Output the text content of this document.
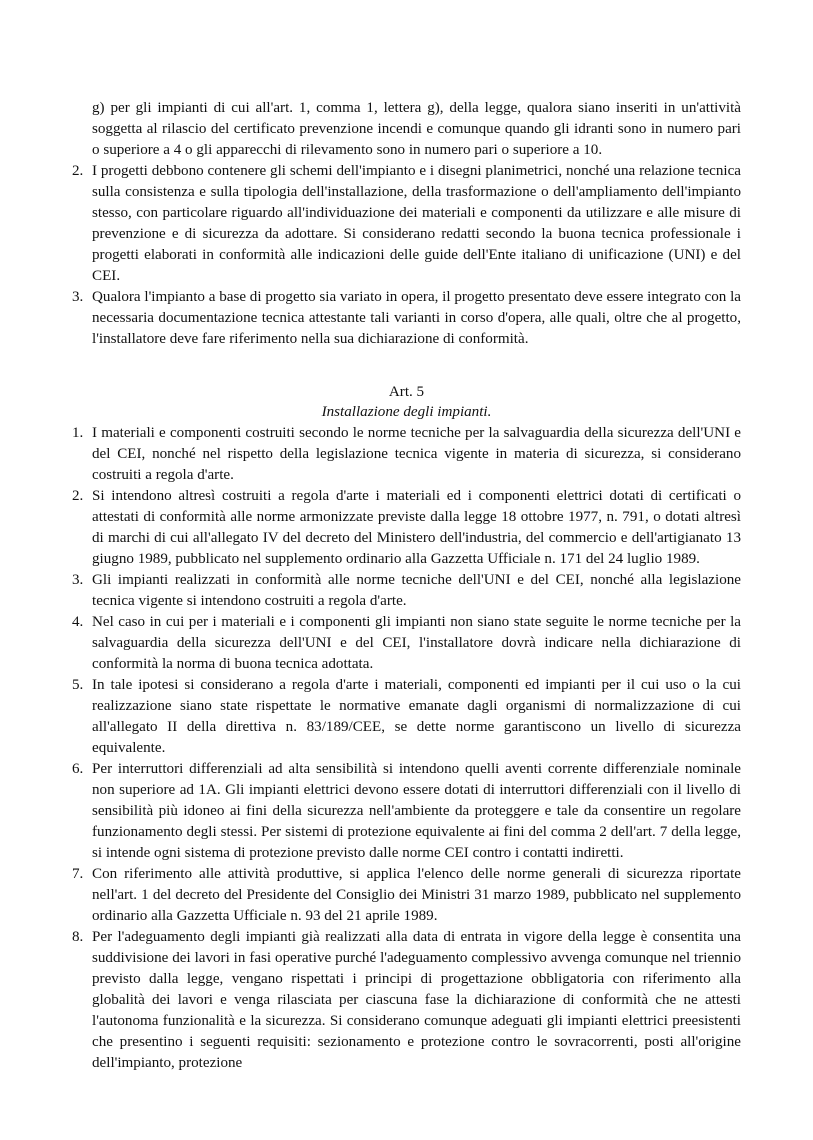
g) per gli impianti di cui all'art. 1, comma 1, lettera g), della legge, qualora siano inseriti in un'attività soggetta al rilascio del certificato prevenzione incendi e comunque quando gli idranti sono in numero pari o superiore a 4 o gli apparecchi di rilevamento sono in numero pari o superiore a 10.

2. I progetti debbono contenere gli schemi dell'impianto e i disegni planimetrici, nonché una relazione tecnica sulla consistenza e sulla tipologia dell'installazione, della trasformazione o dell'ampliamento dell'impianto stesso, con particolare riguardo all'individuazione dei materiali e componenti da utilizzare e alle misure di prevenzione e di sicurezza da adottare. Si considerano redatti secondo la buona tecnica professionale i progetti elaborati in conformità alle indicazioni delle guide dell'Ente italiano di unificazione (UNI) e del CEI.
3. Qualora l'impianto a base di progetto sia variato in opera, il progetto presentato deve essere integrato con la necessaria documentazione tecnica attestante tali varianti in corso d'opera, alle quali, oltre che al progetto, l'installatore deve fare riferimento nella sua dichiarazione di conformità.

Art. 5

Installazione degli impianti.

1. I materiali e componenti costruiti secondo le norme tecniche per la salvaguardia della sicurezza dell'UNI e del CEI, nonché nel rispetto della legislazione tecnica vigente in materia di sicurezza, si considerano costruiti a regola d'arte.
2. Si intendono altresì costruiti a regola d'arte i materiali ed i componenti elettrici dotati di certificati o attestati di conformità alle norme armonizzate previste dalla legge 18 ottobre 1977, n. 791, o dotati altresì di marchi di cui all'allegato IV del decreto del Ministero dell'industria, del commercio e dell'artigianato 13 giugno 1989, pubblicato nel supplemento ordinario alla Gazzetta Ufficiale n. 171 del 24 luglio 1989.
3. Gli impianti realizzati in conformità alle norme tecniche dell'UNI e del CEI, nonché alla legislazione tecnica vigente si intendono costruiti a regola d'arte.
4. Nel caso in cui per i materiali e i componenti gli impianti non siano state seguite le norme tecniche per la salvaguardia della sicurezza dell'UNI e del CEI, l'installatore dovrà indicare nella dichiarazione di conformità la norma di buona tecnica adottata.
5. In tale ipotesi si considerano a regola d'arte i materiali, componenti ed impianti per il cui uso o la cui realizzazione siano state rispettate le normative emanate dagli organismi di normalizzazione di cui all'allegato II della direttiva n. 83/189/CEE, se dette norme garantiscono un livello di sicurezza equivalente.
6. Per interruttori differenziali ad alta sensibilità si intendono quelli aventi corrente differenziale nominale non superiore ad 1A. Gli impianti elettrici devono essere dotati di interruttori differenziali con il livello di sensibilità più idoneo ai fini della sicurezza nell'ambiente da proteggere e tale da consentire un regolare funzionamento degli stessi. Per sistemi di protezione equivalente ai fini del comma 2 dell'art. 7 della legge, si intende ogni sistema di protezione previsto dalle norme CEI contro i contatti indiretti.
7. Con riferimento alle attività produttive, si applica l'elenco delle norme generali di sicurezza riportate nell'art. 1 del decreto del Presidente del Consiglio dei Ministri 31 marzo 1989, pubblicato nel supplemento ordinario alla Gazzetta Ufficiale n. 93 del 21 aprile 1989.
8. Per l'adeguamento degli impianti già realizzati alla data di entrata in vigore della legge è consentita una suddivisione dei lavori in fasi operative purché l'adeguamento complessivo avvenga comunque nel triennio previsto dalla legge, vengano rispettati i principi di progettazione obbligatoria con riferimento alla globalità dei lavori e venga rilasciata per ciascuna fase la dichiarazione di conformità che ne attesti l'autonoma funzionalità e la sicurezza. Si considerano comunque adeguati gli impianti elettrici preesistenti che presentino i seguenti requisiti: sezionamento e protezione contro le sovracorrenti, posti all'origine dell'impianto, protezione
